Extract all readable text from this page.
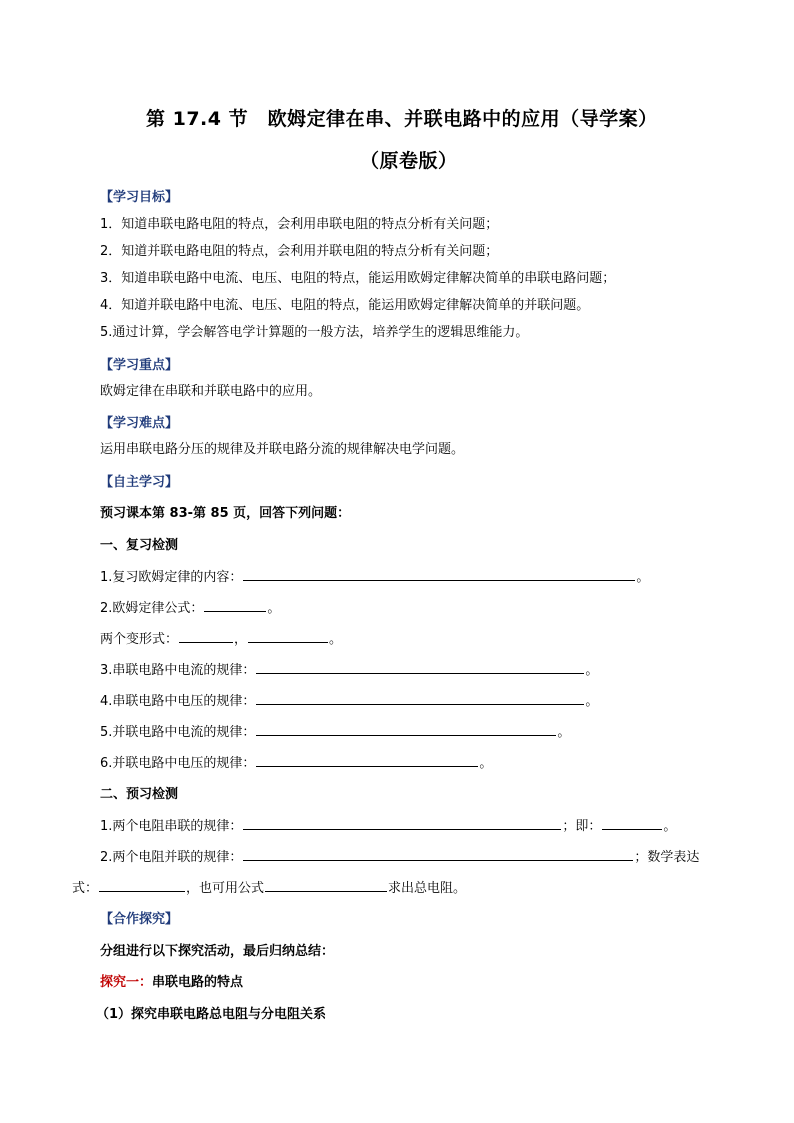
第 17.4 节　欧姆定律在串、并联电路中的应用（导学案）
（原卷版）
【学习目标】
1．知道串联电路电阻的特点，会利用串联电阻的特点分析有关问题；
2．知道并联电路电阻的特点，会利用并联电阻的特点分析有关问题；
3．知道串联电路中电流、电压、电阻的特点，能运用欧姆定律解决简单的串联电路问题；
4．知道并联电路中电流、电压、电阻的特点，能运用欧姆定律解决简单的并联问题。
5.通过计算，学会解答电学计算题的一般方法，培养学生的逻辑思维能力。
【学习重点】
欧姆定律在串联和并联电路中的应用。
【学习难点】
运用串联电路分压的规律及并联电路分流的规律解决电学问题。
【自主学习】
预习课本第 83-第 85 页，回答下列问题：
一、复习检测
1.复习欧姆定律的内容：	。
2.欧姆定律公式：	。
两个变形式：	，	。
3.串联电路中电流的规律：	。
4.串联电路中电压的规律：	。
5.并联电路中电流的规律：	。
6.并联电路中电压的规律：	。
二、预习检测
1.两个电阻串联的规律：	；即：	。
2.两个电阻并联的规律：	；数学表达
式：	，也可用公式	求出总电阻。
【合作探究】
分组进行以下探究活动，最后归纳总结：
探究一：串联电路的特点
（1）探究串联电路总电阻与分电阻关系
